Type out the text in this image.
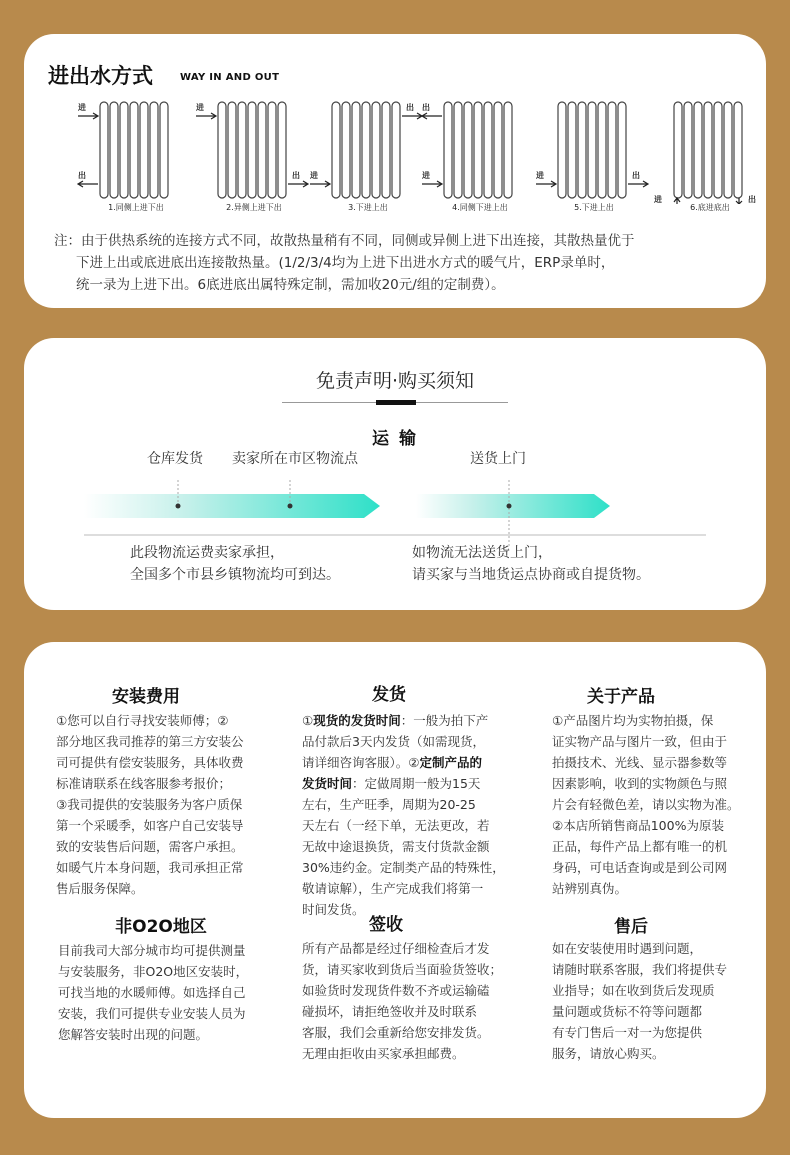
进出水方式	WAY IN AND OUT
进
出
1.同侧上进下出
进
出
2.异侧上进下出
进
出
3.下进上出
进
出
4.同侧下进上出
进	出
5.下进上出
进	出
6.底进底出
注：由于供热系统的连接方式不同，故散热量稍有不同，同侧或异侧上进下出连接，其散热量优于
下进上出或底进底出连接散热量。(1/2/3/4均为上进下出进水方式的暖气片，ERP录单时，
统一录为上进下出。6底进底出属特殊定制，需加收20元/组的定制费）。
免责声明·购买须知
运 输
仓库发货 卖家所在市区物流点	送货上门
此段物流运费卖家承担，
全国多个市县乡镇物流均可到达。
如物流无法送货上门，
请买家与当地货运点协商或自提货物。
安装费用
①您可以自行寻找安装师傅；②
部分地区我司推荐的第三方安装公
司可提供有偿安装服务，具体收费
标准请联系在线客服参考报价；
③我司提供的安装服务为客户质保
第一个采暖季，如客户自己安装导
致的安装售后问题，需客户承担。
如暖气片本身问题，我司承担正常
售后服务保障。
发货
①现货的发货时间：一般为拍下产
品付款后3天内发货（如需现货，
请详细咨询客服）。②定制产品的
发货时间：定做周期一般为15天
左右，生产旺季，周期为20-25
天左右（一经下单，无法更改，若
无故中途退换货，需支付货款金额
30%违约金。定制类产品的特殊性，
敬请谅解），生产完成我们将第一
时间发货。
关于产品
①产品图片均为实物拍摄，保
证实物产品与图片一致，但由于
拍摄技术、光线、显示器参数等
因素影响，收到的实物颜色与照
片会有轻微色差，请以实物为准。
②本店所销售商品100%为原装
正品，每件产品上都有唯一的机
身码，可电话查询或是到公司网
站辨别真伪。
非O2O地区
目前我司大部分城市均可提供测量
与安装服务，非O2O地区安装时，
可找当地的水暖师傅。如选择自己
安装，我们可提供专业安装人员为
您解答安装时出现的问题。
签收
所有产品都是经过仔细检查后才发
货，请买家收到货后当面验货签收；
如验货时发现货件数不齐或运输磕
碰损坏，请拒绝签收并及时联系
客服，我们会重新给您安排发货。
无理由拒收由买家承担邮费。
售后
如在安装使用时遇到问题，
请随时联系客服，我们将提供专
业指导；如在收到货后发现质
量问题或货标不符等问题都
有专门售后一对一为您提供
服务，请放心购买。
